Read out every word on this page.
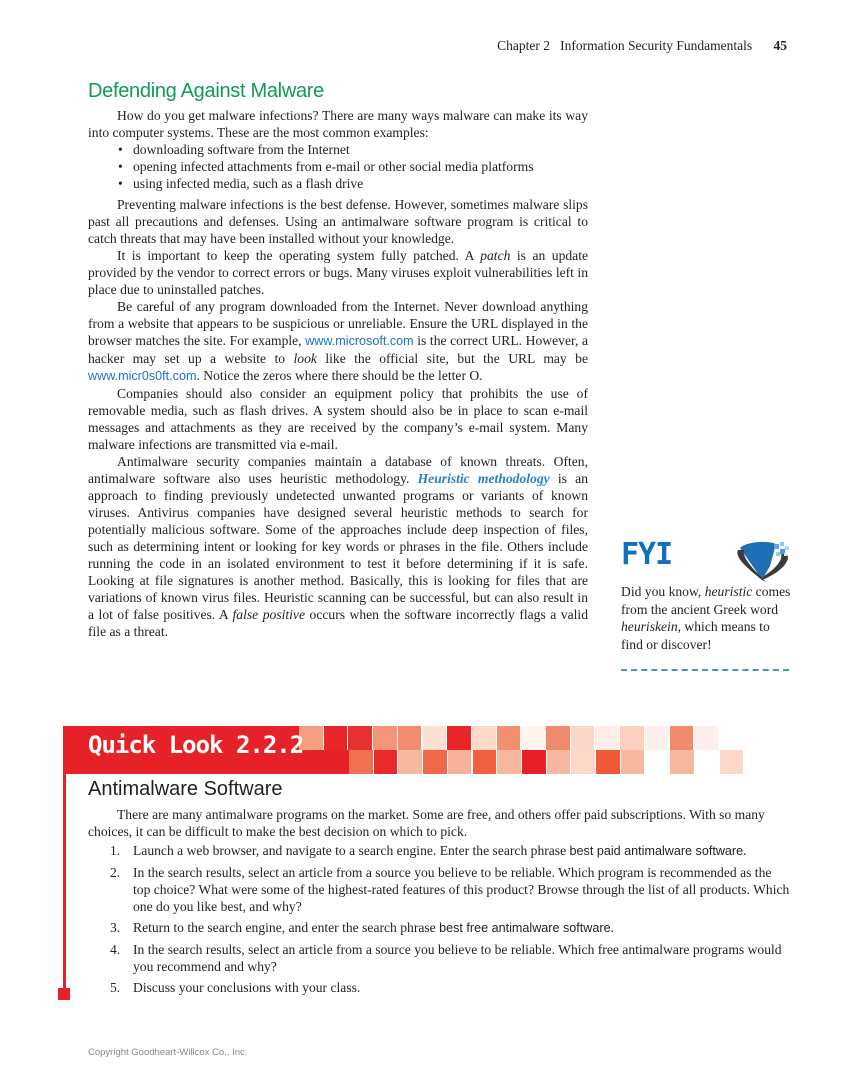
Chapter 2 Information Security Fundamentals 45
Defending Against Malware

How do you get malware infections? There are many ways malware can make its way into computer systems. These are the most common examples:

• downloading software from the Internet
• opening infected attachments from e-mail or other social media platforms
• using infected media, such as a flash drive

Preventing malware infections is the best defense. However, sometimes malware slips past all precautions and defenses. Using an antimalware software program is critical to catch threats that may have been installed without your knowledge.

It is important to keep the operating system fully patched. A patch is an update provided by the vendor to correct errors or bugs. Many viruses exploit vulnerabilities left in place due to uninstalled patches.

Be careful of any program downloaded from the Internet. Never download anything from a website that appears to be suspicious or unreliable. Ensure the URL displayed in the browser matches the site. For example, www.microsoft.com is the correct URL. However, a hacker may set up a website to look like the official site, but the URL may be www.micr0s0ft.com. Notice the zeros where there should be the letter O.

Companies should also consider an equipment policy that prohibits the use of removable media, such as flash drives. A system should also be in place to scan e-mail messages and attachments as they are received by the company’s e-mail system. Many malware infections are transmitted via e-mail.

Antimalware security companies maintain a database of known threats. Often, antimalware software also uses heuristic methodology. Heuristic methodology is an approach to finding previously undetected unwanted programs or variants of known viruses. Antivirus companies have designed several heuristic methods to search for potentially malicious software. Some of the approaches include deep inspection of files, such as determining intent or looking for key words or phrases in the file. Others include running the code in an isolated environment to test it before determining if it is safe. Looking at file signatures is another method. Basically, this is looking for files that are variations of known virus files. Heuristic scanning can be successful, but can also result in a lot of false positives. A false positive occurs when the software incorrectly flags a valid file as a threat.

FYI
Did you know, heuristic comes from the ancient Greek word heuriskein, which means to find or discover!
Quick Look 2.2.2
Antimalware Software

There are many antimalware programs on the market. Some are free, and others offer paid subscriptions. With so many choices, it can be difficult to make the best decision on which to pick.

1. Launch a web browser, and navigate to a search engine. Enter the search phrase best paid antimalware software.
2. In the search results, select an article from a source you believe to be reliable. Which program is recommended as the top choice? What were some of the highest-rated features of this product? Browse through the list of all products. Which one do you like best, and why?
3. Return to the search engine, and enter the search phrase best free antimalware software.
4. In the search results, select an article from a source you believe to be reliable. Which free antimalware programs would you recommend and why?
5. Discuss your conclusions with your class.
Copyright Goodheart-Willcox Co., Inc.
